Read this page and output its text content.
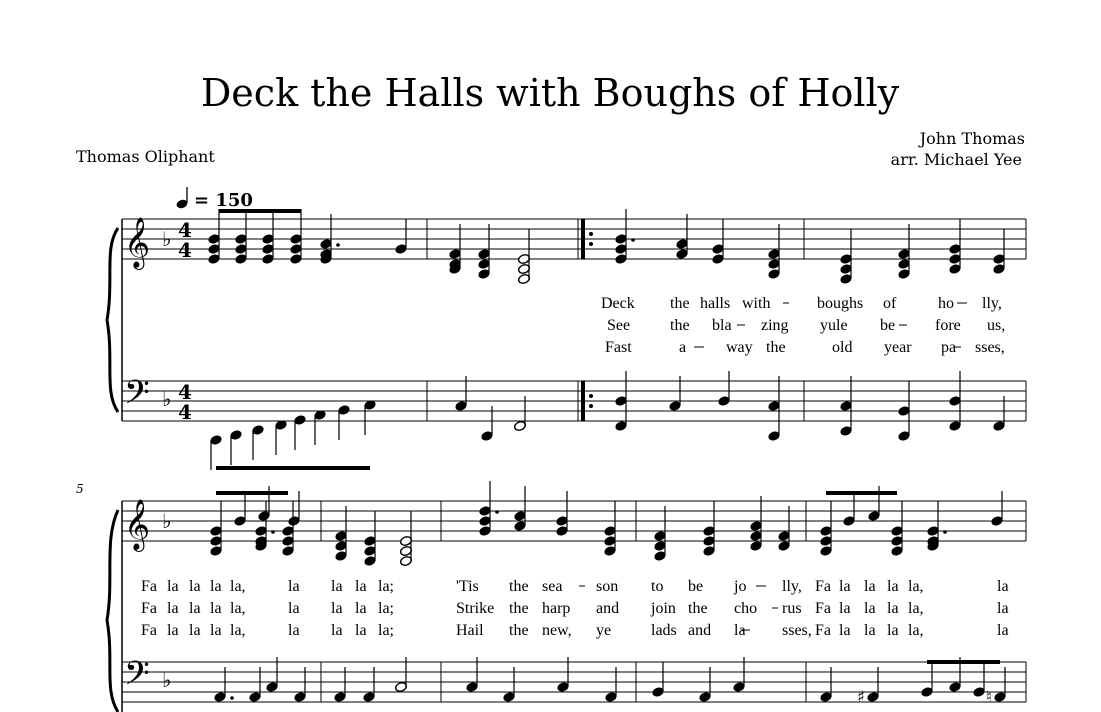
Deck the Halls with Boughs of Holly
Thomas Oliphant
John Thomas
arr. Michael Yee
= 150
𝄞
𝄢
♭
♭
4
4
4
4
Deck the halls with	boughs of	ho lly,
See the bla zing yule be fore us,
Fast	a way the	old year pa sses,
5
𝄞
𝄢
♭
♭
♯	♮
Fa la la la la,	la la la la;	'Tis the sea son to be jo lly, Fa la la la la,	la
Fa la la la la,	la la la la;	Strike the harp and join the cho rus Fa la la la la,	la
Fa la la la la,	la la la la;	Hail the new, ye lads and la sses, Fa la la la la,	la
